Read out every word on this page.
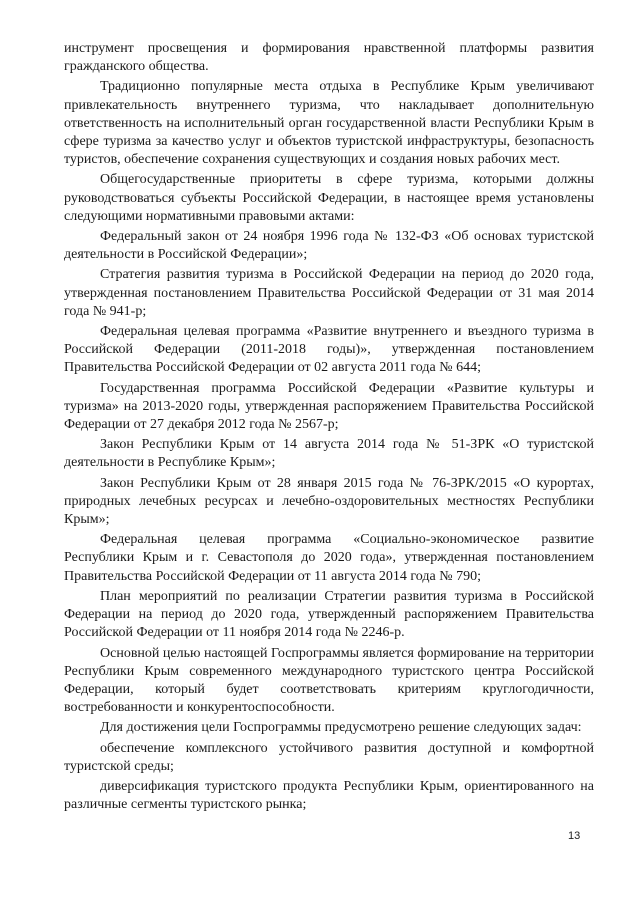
инструмент просвещения и формирования нравственной платформы развития гражданского общества.

Традиционно популярные места отдыха в Республике Крым увеличивают привлекательность внутреннего туризма, что накладывает дополнительную ответственность на исполнительный орган государственной власти Республики Крым в сфере туризма за качество услуг и объектов туристской инфраструктуры, безопасность туристов, обеспечение сохранения существующих и создания новых рабочих мест.

Общегосударственные приоритеты в сфере туризма, которыми должны руководствоваться субъекты Российской Федерации, в настоящее время установлены следующими нормативными правовыми актами:

Федеральный закон от 24 ноября 1996 года № 132-ФЗ «Об основах туристской деятельности в Российской Федерации»;

Стратегия развития туризма в Российской Федерации на период до 2020 года, утвержденная постановлением Правительства Российской Федерации от 31 мая 2014 года № 941-р;

Федеральная целевая программа «Развитие внутреннего и въездного туризма в Российской Федерации (2011-2018 годы)», утвержденная постановлением Правительства Российской Федерации от 02 августа 2011 года № 644;

Государственная программа Российской Федерации «Развитие культуры и туризма» на 2013-2020 годы, утвержденная распоряжением Правительства Российской Федерации от 27 декабря 2012 года № 2567-р;

Закон Республики Крым от 14 августа 2014 года № 51-ЗРК «О туристской деятельности в Республике Крым»;

Закон Республики Крым от 28 января 2015 года № 76-ЗРК/2015 «О курортах, природных лечебных ресурсах и лечебно-оздоровительных местностях Республики Крым»;

Федеральная целевая программа «Социально-экономическое развитие Республики Крым и г. Севастополя до 2020 года», утвержденная постановлением Правительства Российской Федерации от 11 августа 2014 года № 790;

План мероприятий по реализации Стратегии развития туризма в Российской Федерации на период до 2020 года, утвержденный распоряжением Правительства Российской Федерации от 11 ноября 2014 года № 2246-р.

Основной целью настоящей Госпрограммы является формирование на территории Республики Крым современного международного туристского центра Российской Федерации, который будет соответствовать критериям круглогодичности, востребованности и конкурентоспособности.

Для достижения цели Госпрограммы предусмотрено решение следующих задач:

обеспечение комплексного устойчивого развития доступной и комфортной туристской среды;

диверсификация туристского продукта Республики Крым, ориентированного на различные сегменты туристского рынка;

13
